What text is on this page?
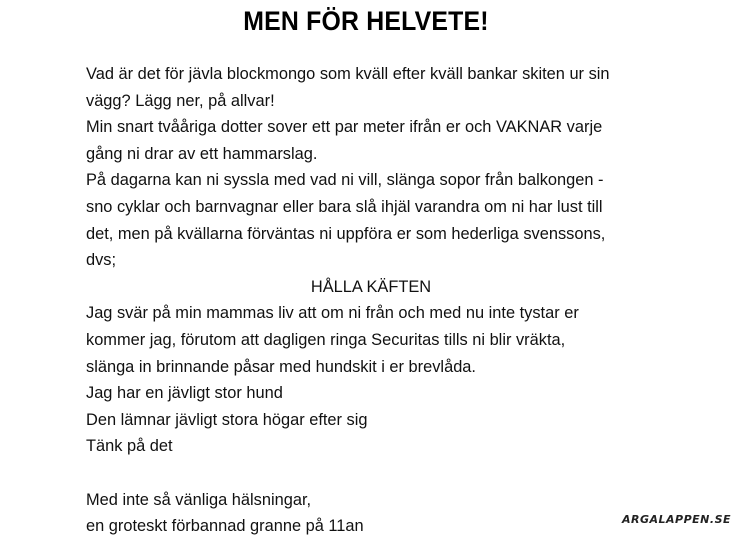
MEN FÖR HELVETE!
Vad är det för jävla blockmongo som kväll efter kväll bankar skiten ur sin
vägg? Lägg ner, på allvar!
Min snart tvååriga dotter sover ett par meter ifrån er och VAKNAR varje
gång ni drar av ett hammarslag.
På dagarna kan ni syssla med vad ni vill, slänga sopor från balkongen -
sno cyklar och barnvagnar eller bara slå ihjäl varandra om ni har lust till
det, men på kvällarna förväntas ni uppföra er som hederliga svenssons,
dvs;
HÅLLA KÄFTEN
Jag svär på min mammas liv att om ni från och med nu inte tystar er
kommer jag, förutom att dagligen ringa Securitas tills ni blir vräkta,
slänga in brinnande påsar med hundskit i er brevlåda.
Jag har en jävligt stor hund
Den lämnar jävligt stora högar efter sig
Tänk på det
Med inte så vänliga hälsningar,
en groteskt förbannad granne på 11an	ARGALAPPEN.SE
